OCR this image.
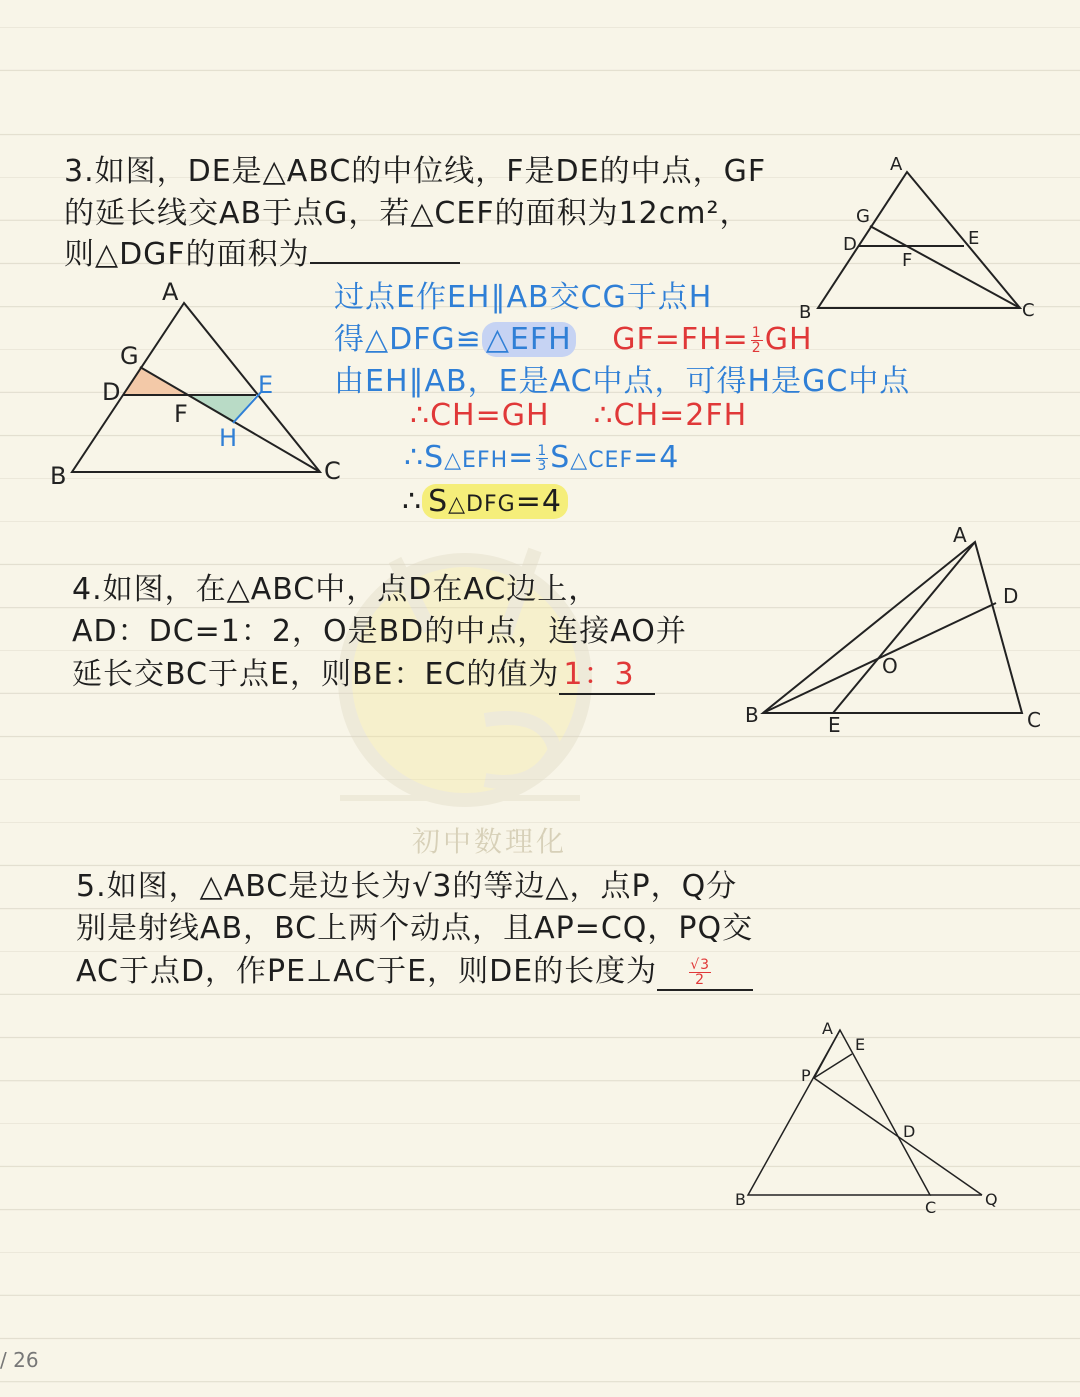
初中数理化
3.如图，DE是△ABC的中位线，F是DE的中点，GF
的延长线交AB于点G，若△CEF的面积为12cm²，
则△DGF的面积为
过点E作EH∥AB交CG于点H
得△DFG≌ △EFH $GF=FH= \frac{1}{2}$ GH
由EH∥AB，E是AC中点，可得H是GC中点
∴CH=GH ∴CH=2FH
∴S△EFH= $\frac{1}{3}$ S△CEF=4
∴ S△DFG=4
A
G
D	E
F
B	C
A
G
D	E
F
H
B	C
4.如图，在△ABC中，点D在AC边上，
AD：DC=1：2，O是BD的中点，连接AO并
延长交BC于点E，则BE：EC的值为 1：3
A
D
O
B	E	C
5.如图，△ABC是边长为√3的等边△，点P，Q分
别是射线AB，BC上两个动点，且AP=CQ，PQ交
AC于点D，作PE⊥AC于E，则DE的长度为 $\frac{√3}{2}$
A
E
P
D
B	C	Q
/ 26
